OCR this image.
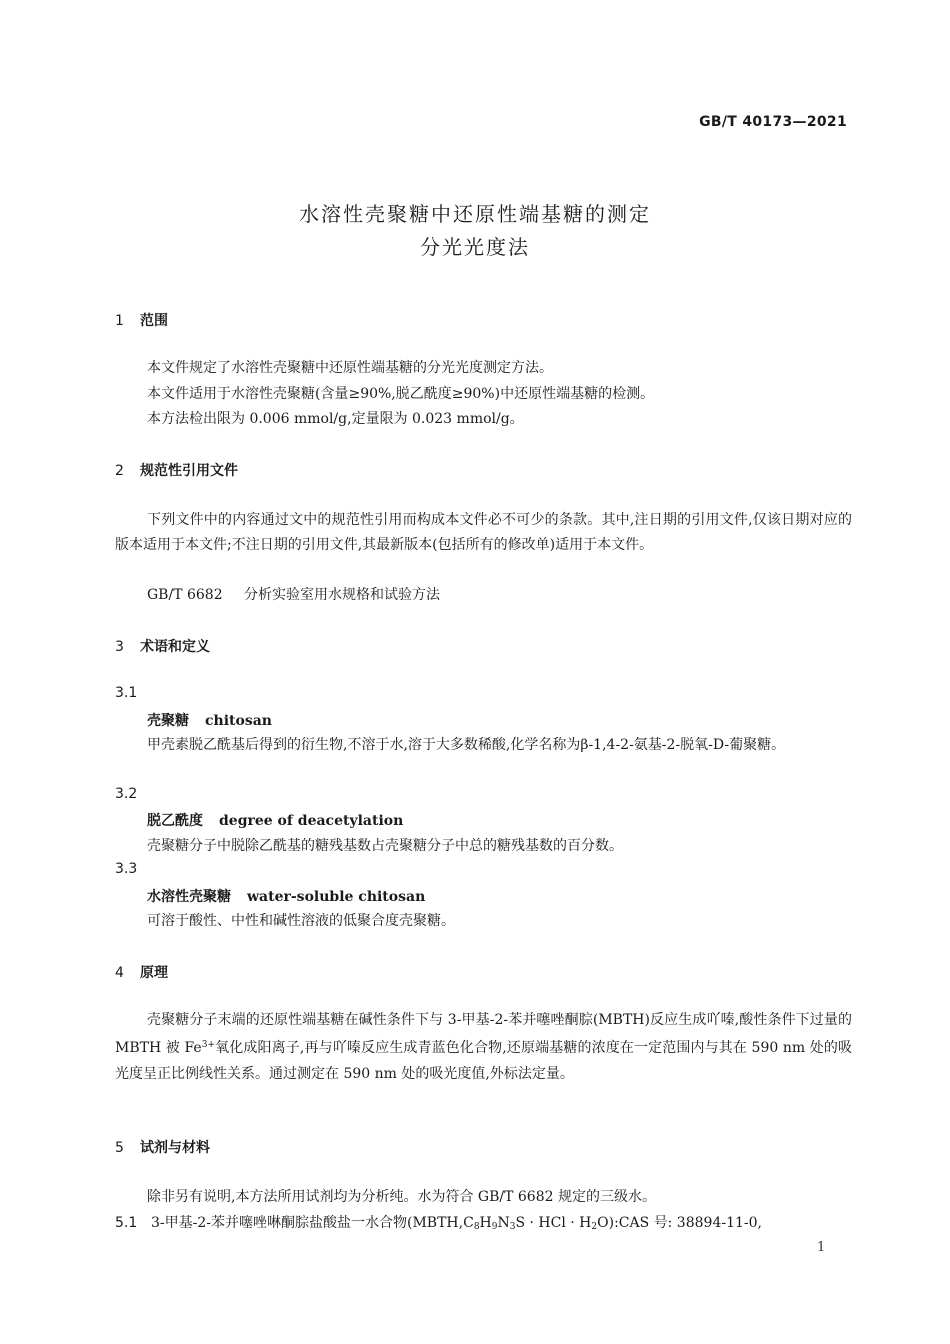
GB/T 40173—2021
水溶性壳聚糖中还原性端基糖的测定
分光光度法
1 范围
本文件规定了水溶性壳聚糖中还原性端基糖的分光光度测定方法。
本文件适用于水溶性壳聚糖(含量≥90%,脱乙酰度≥90%)中还原性端基糖的检测。
本方法检出限为 0.006 mmol/g,定量限为 0.023 mmol/g。
2 规范性引用文件

下列文件中的内容通过文中的规范性引用而构成本文件必不可少的条款。其中,注日期的引用文件,仅该日期对应的版本适用于本文件;不注日期的引用文件,其最新版本(包括所有的修改单)适用于本文件。

GB/T 6682 分析实验室用水规格和试验方法
3 术语和定义
3.1
壳聚糖 chitosan

甲壳素脱乙酰基后得到的衍生物,不溶于水,溶于大多数稀酸,化学名称为β-1,4-2-氨基-2-脱氧-D-葡聚糖。

3.2
脱乙酰度 degree of deacetylation
壳聚糖分子中脱除乙酰基的糖残基数占壳聚糖分子中总的糖残基数的百分数。
3.3
水溶性壳聚糖 water-soluble chitosan
可溶于酸性、中性和碱性溶液的低聚合度壳聚糖。
4 原理

壳聚糖分子末端的还原性端基糖在碱性条件下与 3-甲基-2-苯并噻唑酮腙(MBTH)反应生成吖嗪,酸性条件下过量的 MBTH 被 $Fe^{3+}$氧化成阳离子,再与吖嗪反应生成青蓝色化合物,还原端基糖的浓度在一定范围内与其在 590 nm 处的吸光度呈正比例线性关系。通过测定在 590 nm 处的吸光度值,外标法定量。

5 试剂与材料
除非另有说明,本方法所用试剂均为分析纯。水为符合 GB/T 6682 规定的三级水。
5.1 3-甲基-2-苯并噻唑啉酮腙盐酸盐一水合物($MBTH,C_8H_9N_3S$ · HCl · $H_2O):CAS$ 号: 38894-11-0,
1
